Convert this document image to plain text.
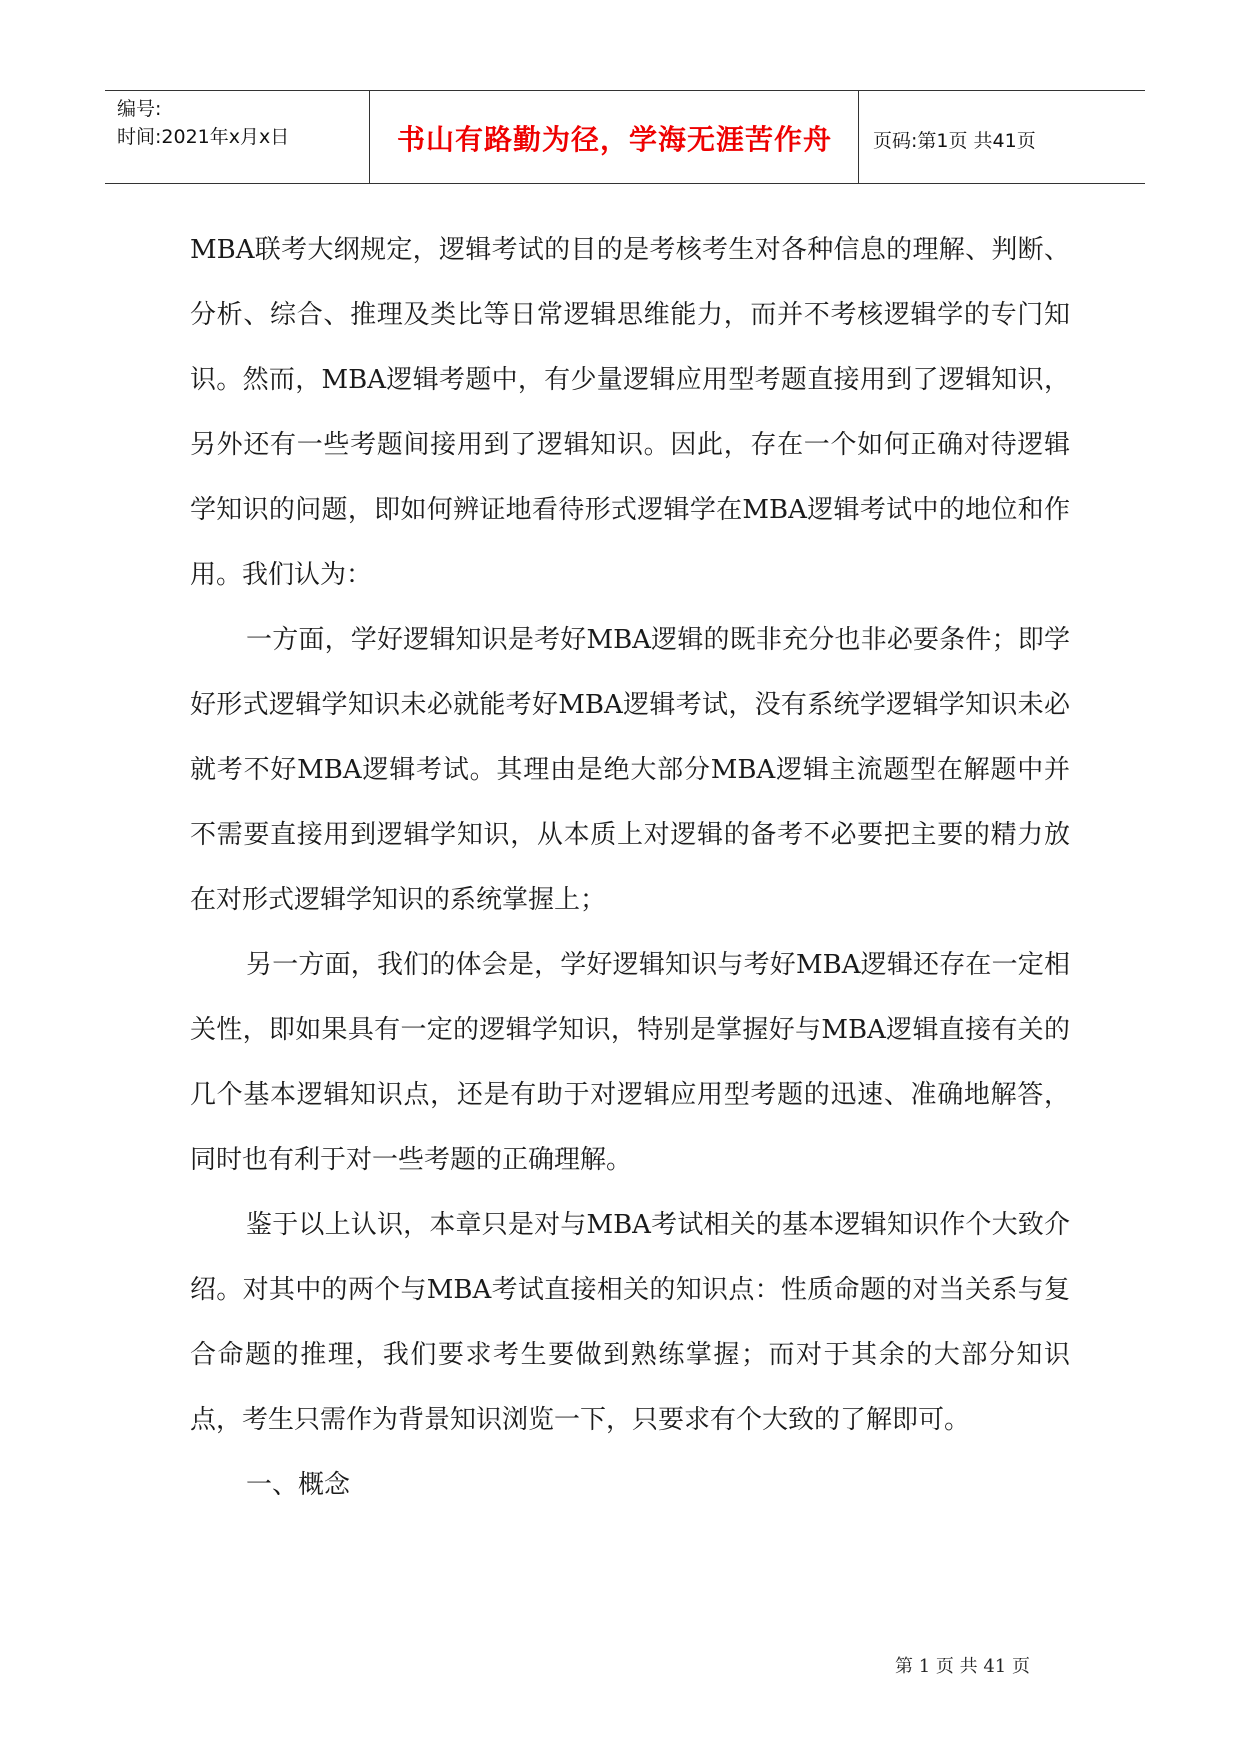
编号:
时间:2021年x月x日	书山有路勤为径，学海无涯苦作舟	页码:第1页 共41页

MBA联考大纲规定，逻辑考试的目的是考核考生对各种信息的理解、判断、分析、综合、推理及类比等日常逻辑思维能力，而并不考核逻辑学的专门知识。然而，MBA逻辑考题中，有少量逻辑应用型考题直接用到了逻辑知识，另外还有一些考题间接用到了逻辑知识。因此，存在一个如何正确对待逻辑学知识的问题，即如何辨证地看待形式逻辑学在MBA逻辑考试中的地位和作用。我们认为：

一方面，学好逻辑知识是考好MBA逻辑的既非充分也非必要条件；即学好形式逻辑学知识未必就能考好MBA逻辑考试，没有系统学逻辑学知识未必就考不好MBA逻辑考试。其理由是绝大部分MBA逻辑主流题型在解题中并不需要直接用到逻辑学知识，从本质上对逻辑的备考不必要把主要的精力放在对形式逻辑学知识的系统掌握上；

另一方面，我们的体会是，学好逻辑知识与考好MBA逻辑还存在一定相关性，即如果具有一定的逻辑学知识，特别是掌握好与MBA逻辑直接有关的几个基本逻辑知识点，还是有助于对逻辑应用型考题的迅速、准确地解答，同时也有利于对一些考题的正确理解。

鉴于以上认识，本章只是对与MBA考试相关的基本逻辑知识作个大致介绍。对其中的两个与MBA考试直接相关的知识点：性质命题的对当关系与复合命题的推理，我们要求考生要做到熟练掌握；而对于其余的大部分知识点，考生只需作为背景知识浏览一下，只要求有个大致的了解即可。

一、概念
第 1 页 共 41 页
